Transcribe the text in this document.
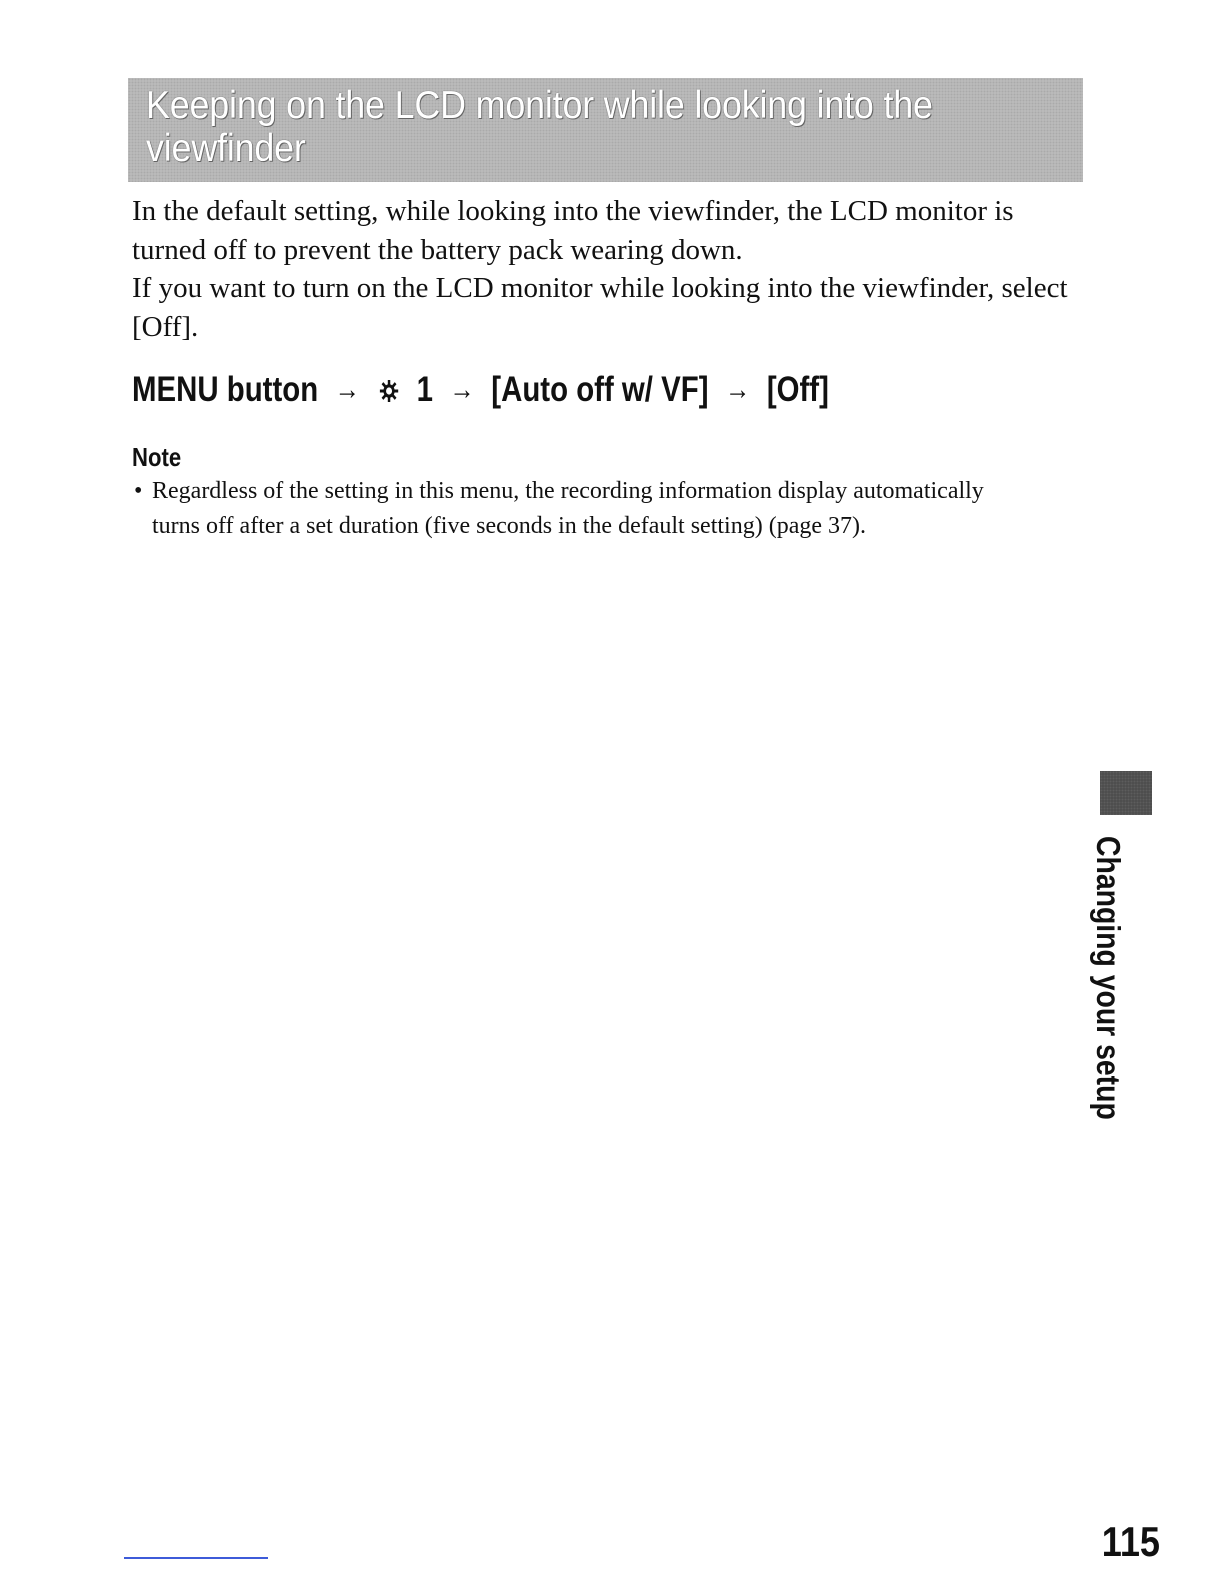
Keeping on the LCD monitor while looking into the
viewfinder

In the default setting, while looking into the viewfinder, the LCD monitor is turned off to prevent the battery pack wearing down.

If you want to turn on the LCD monitor while looking into the viewfinder, select [Off].

MENU button → 1 → [Auto off w/ VF] → [Off]
Note
• Regardless of the setting in this menu, the recording information display automatically turns off after a set duration (five seconds in the default setting) (page 37).
Changing your setup
115
